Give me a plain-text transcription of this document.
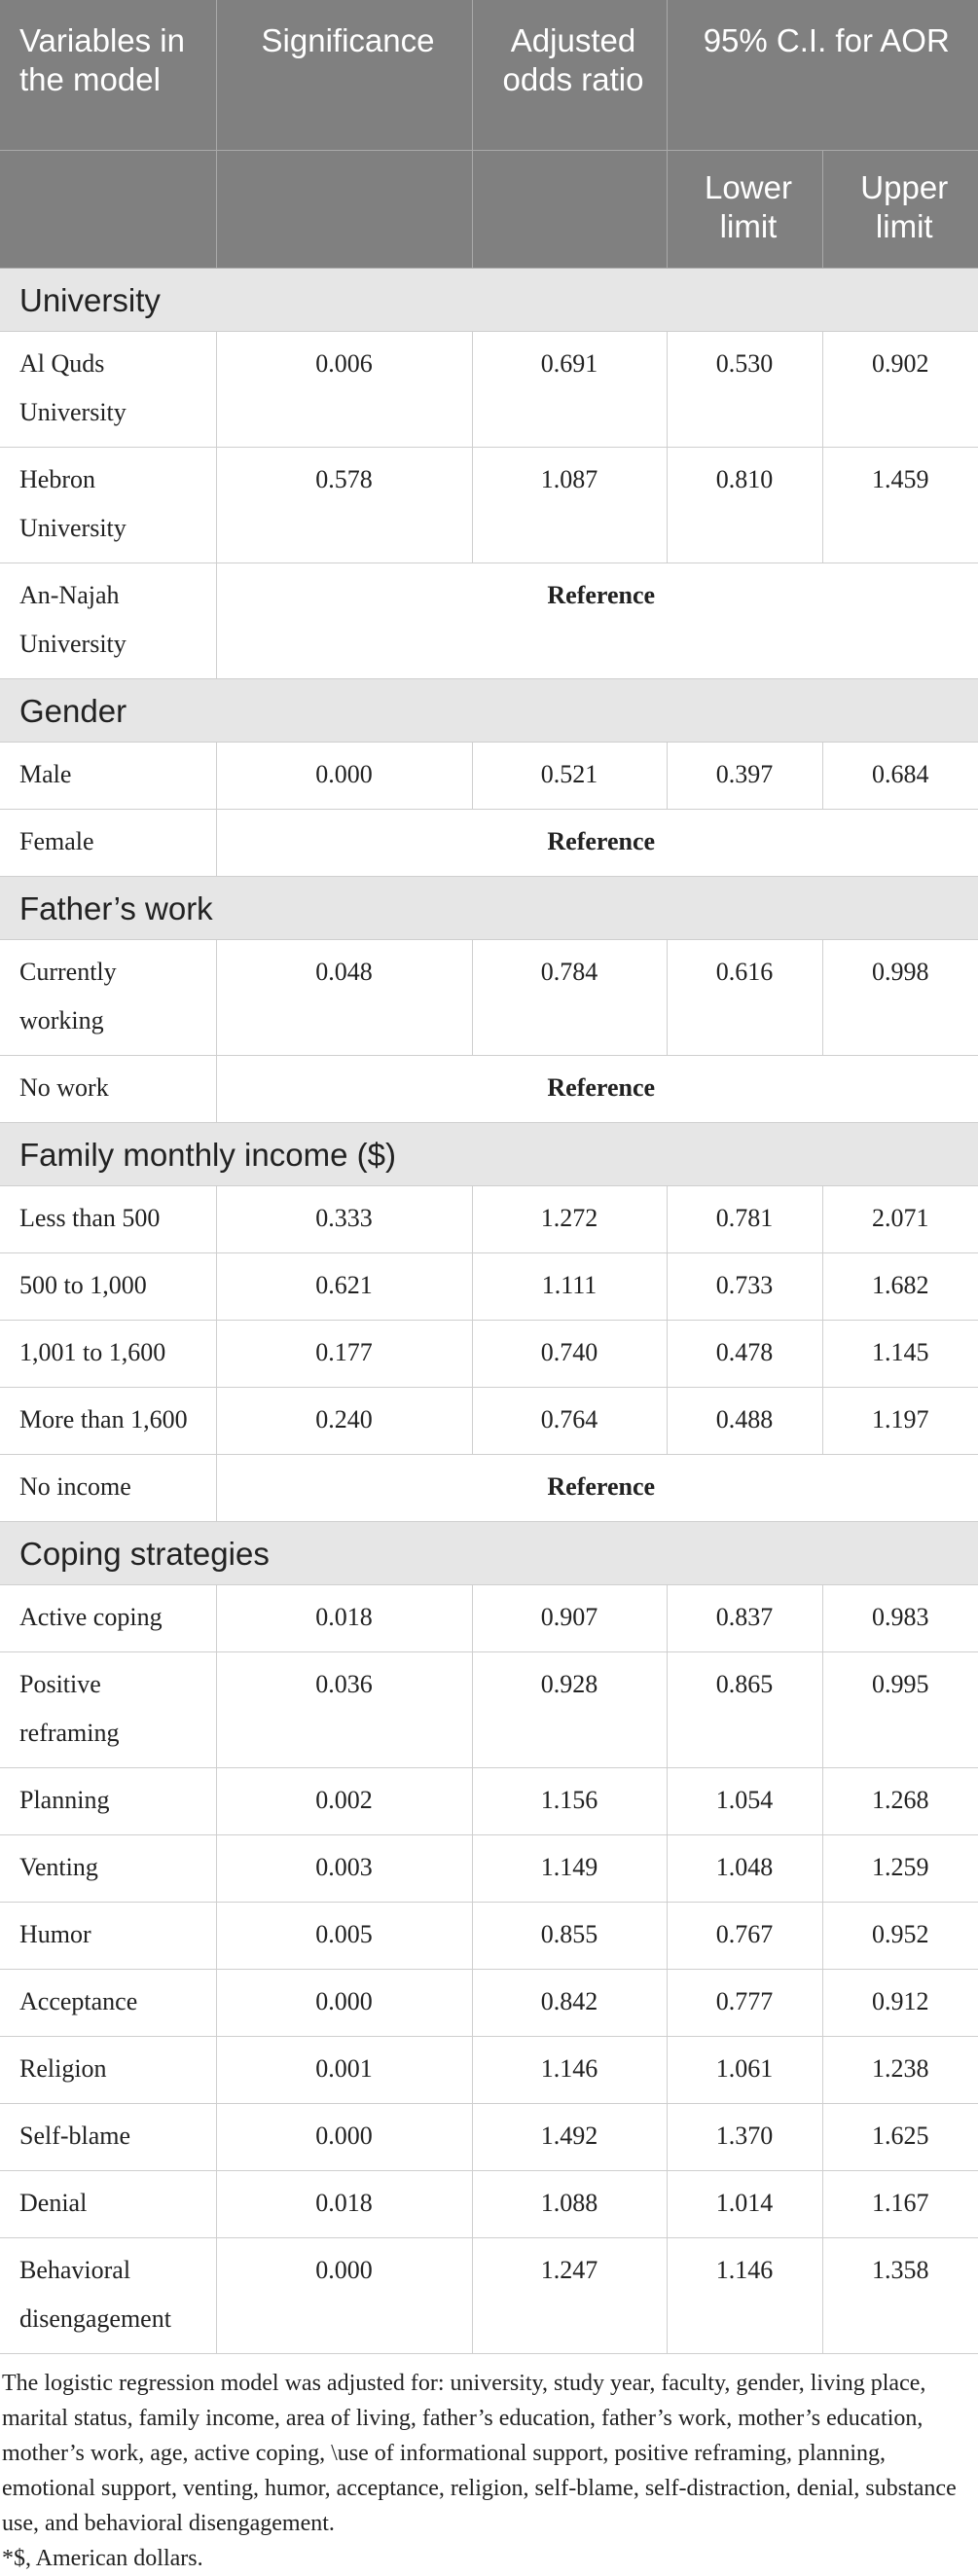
Variables in the model	Significance	Adjusted odds ratio	95% C.I. for AOR	
			Lower limit	Upper limit
University				
Al Quds University	0.006	0.691	0.530	0.902
Hebron University	0.578	1.087	0.810	1.459
An-Najah University	Reference			
Gender				
Male	0.000	0.521	0.397	0.684
Female	Reference			
Father’s work				
Currently working	0.048	0.784	0.616	0.998
No work	Reference			
Family monthly income ($)				
Less than 500	0.333	1.272	0.781	2.071
500 to 1,000	0.621	1.111	0.733	1.682
1,001 to 1,600	0.177	0.740	0.478	1.145
More than 1,600	0.240	0.764	0.488	1.197
No income	Reference			
Coping strategies				
Active coping	0.018	0.907	0.837	0.983
Positive reframing	0.036	0.928	0.865	0.995
Planning	0.002	1.156	1.054	1.268
Venting	0.003	1.149	1.048	1.259
Humor	0.005	0.855	0.767	0.952
Acceptance	0.000	0.842	0.777	0.912
Religion	0.001	1.146	1.061	1.238
Self-blame	0.000	1.492	1.370	1.625
Denial	0.018	1.088	1.014	1.167
Behavioral disengagement	0.000	1.247	1.146	1.358

The logistic regression model was adjusted for: university, study year, faculty, gender, living place, marital status, family income, area of living, father’s education, father’s work, mother’s education, mother’s work, age, active coping, \use of informational support, positive reframing, planning, emotional support, venting, humor, acceptance, religion, self-blame, self-distraction, denial, substance use, and behavioral disengagement.

*$, American dollars.
